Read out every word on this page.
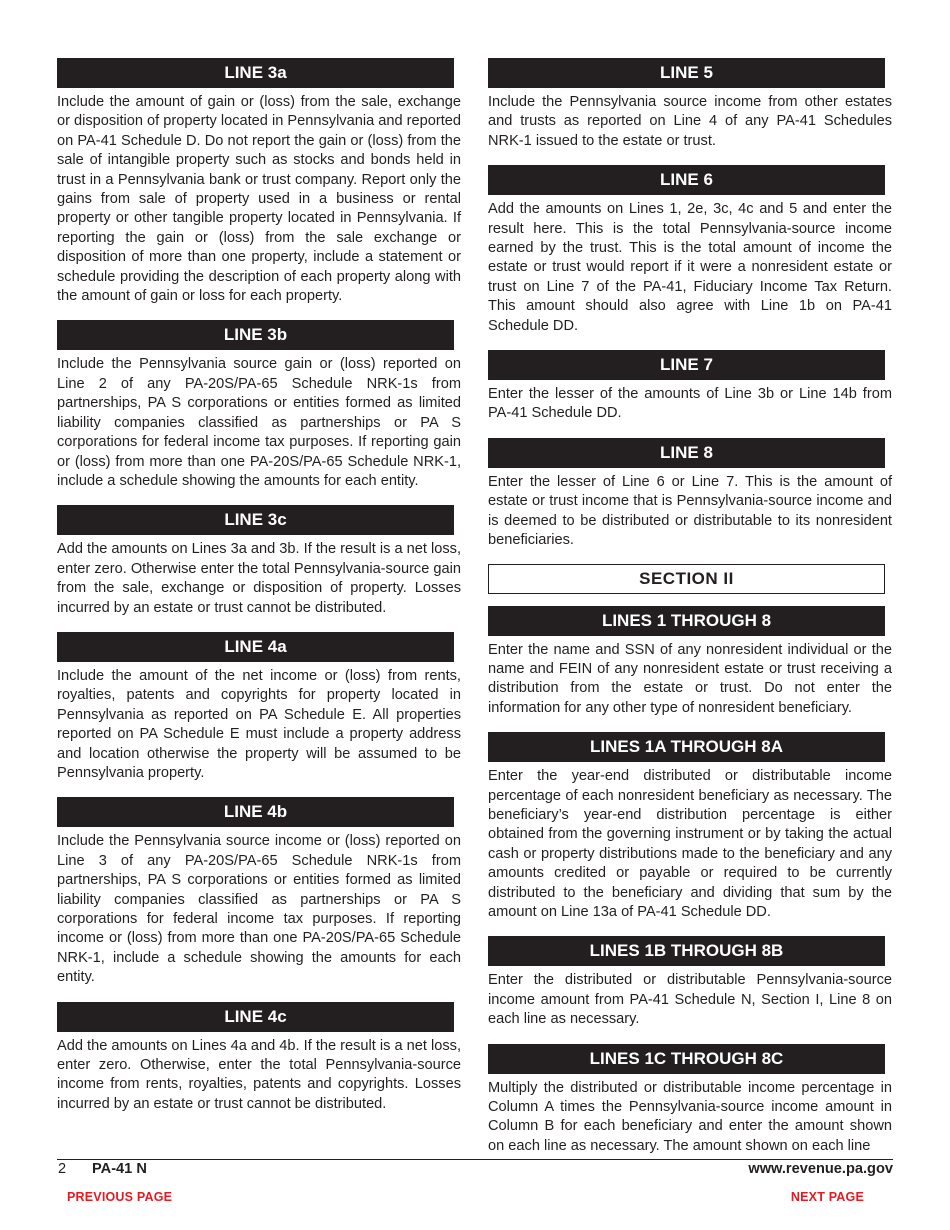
LINE 3a

Include the amount of gain or (loss) from the sale, exchange or disposition of property located in Pennsylvania and reported on PA-41 Schedule D. Do not report the gain or (loss) from the sale of intangible property such as stocks and bonds held in trust in a Pennsylvania bank or trust company. Report only the gains from sale of property used in a business or rental property or other tangible property located in Pennsylvania. If reporting the gain or (loss) from the sale exchange or disposition of more than one property, include a statement or schedule providing the description of each property along with the amount of gain or loss for each property.

LINE 3b

Include the Pennsylvania source gain or (loss) reported on Line 2 of any PA-20S/PA-65 Schedule NRK-1s from partnerships, PA S corporations or entities formed as limited liability companies classified as partnerships or PA S corporations for federal income tax purposes. If reporting gain or (loss) from more than one PA-20S/PA-65 Schedule NRK-1, include a schedule showing the amounts for each entity.

LINE 3c

Add the amounts on Lines 3a and 3b. If the result is a net loss, enter zero. Otherwise enter the total Pennsylvania-source gain from the sale, exchange or disposition of property. Losses incurred by an estate or trust cannot be distributed.

LINE 4a

Include the amount of the net income or (loss) from rents, royalties, patents and copyrights for property located in Pennsylvania as reported on PA Schedule E. All properties reported on PA Schedule E must include a property address and location otherwise the property will be assumed to be Pennsylvania property.

LINE 4b

Include the Pennsylvania source income or (loss) reported on Line 3 of any PA-20S/PA-65 Schedule NRK-1s from partnerships, PA S corporations or entities formed as limited liability companies classified as partnerships or PA S corporations for federal income tax purposes. If reporting income or (loss) from more than one PA-20S/PA-65 Schedule NRK-1, include a schedule showing the amounts for each entity.

LINE 4c

Add the amounts on Lines 4a and 4b. If the result is a net loss, enter zero. Otherwise, enter the total Pennsylvania-source income from rents, royalties, patents and copyrights. Losses incurred by an estate or trust cannot be distributed.

LINE 5

Include the Pennsylvania source income from other estates and trusts as reported on Line 4 of any PA-41 Schedules NRK-1 issued to the estate or trust.

LINE 6

Add the amounts on Lines 1, 2e, 3c, 4c and 5 and enter the result here. This is the total Pennsylvania-source income earned by the trust. This is the total amount of income the estate or trust would report if it were a nonresident estate or trust on Line 7 of the PA-41, Fiduciary Income Tax Return. This amount should also agree with Line 1b on PA-41 Schedule DD.

LINE 7

Enter the lesser of the amounts of Line 3b or Line 14b from PA-41 Schedule DD.

LINE 8

Enter the lesser of Line 6 or Line 7. This is the amount of estate or trust income that is Pennsylvania-source income and is deemed to be distributed or distributable to its nonresident beneficiaries.

SECTION II
LINES 1 THROUGH 8

Enter the name and SSN of any nonresident individual or the name and FEIN of any nonresident estate or trust receiving a distribution from the estate or trust. Do not enter the information for any other type of nonresident beneficiary.

LINES 1A THROUGH 8A

Enter the year-end distributed or distributable income percentage of each nonresident beneficiary as necessary. The beneficiary’s year-end distribution percentage is either obtained from the governing instrument or by taking the actual cash or property distributions made to the beneficiary and any amounts credited or payable or required to be currently distributed to the beneficiary and dividing that sum by the amount on Line 13a of PA-41 Schedule DD.

LINES 1B THROUGH 8B

Enter the distributed or distributable Pennsylvania-source income amount from PA-41 Schedule N, Section I, Line 8 on each line as necessary.

LINES 1C THROUGH 8C

Multiply the distributed or distributable income percentage in Column A times the Pennsylvania-source income amount in Column B for each beneficiary and enter the amount shown on each line as necessary. The amount shown on each line

2 PA-41 N	www.revenue.pa.gov
PREVIOUS PAGE	NEXT PAGE
